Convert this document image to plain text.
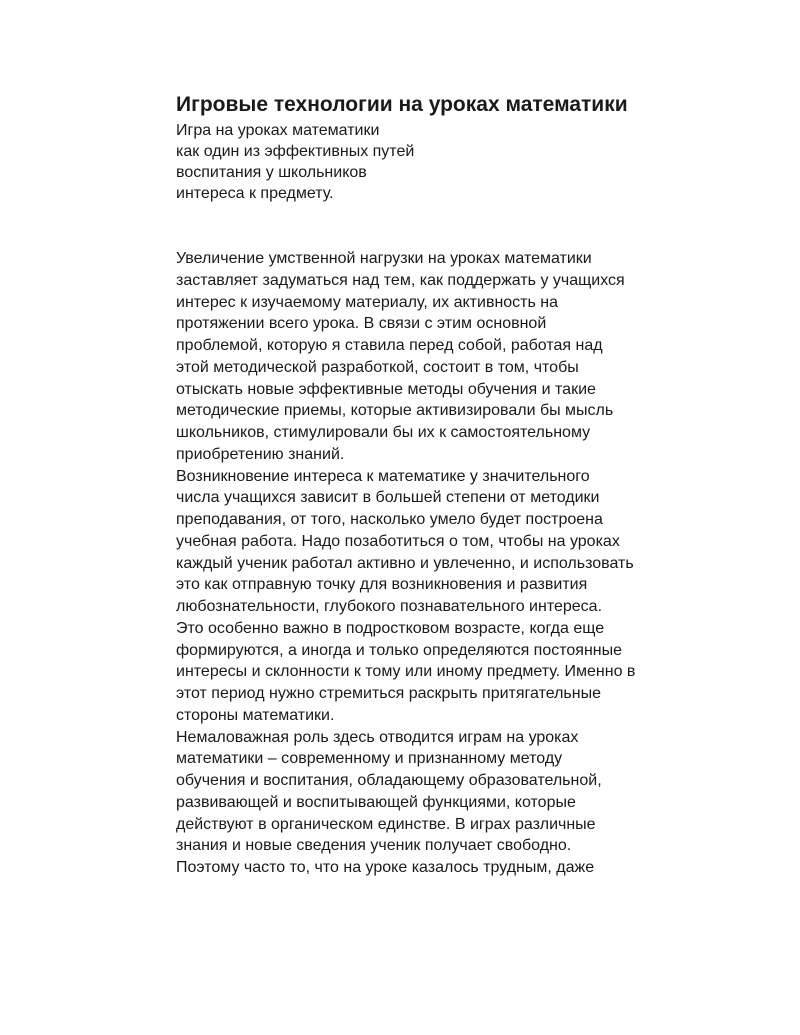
Игровые технологии на уроках математики
Игра на уроках математики
как один из эффективных путей
воспитания у школьников
интереса к предмету.
Увеличение умственной нагрузки на уроках математики
заставляет задуматься над тем, как поддержать у учащихся
интерес к изучаемому материалу, их активность на
протяжении всего урока. В связи с этим основной
проблемой, которую я ставила перед собой, работая над
этой методической разработкой, состоит в том, чтобы
отыскать новые эффективные методы обучения и такие
методические приемы, которые активизировали бы мысль
школьников, стимулировали бы их к самостоятельному
приобретению знаний.
Возникновение интереса к математике у значительного
числа учащихся зависит в большей степени от методики
преподавания, от того, насколько умело будет построена
учебная работа. Надо позаботиться о том, чтобы на уроках
каждый ученик работал активно и увлеченно, и использовать
это как отправную точку для возникновения и развития
любознательности, глубокого познавательного интереса.
Это особенно важно в подростковом возрасте, когда еще
формируются, а иногда и только определяются постоянные
интересы и склонности к тому или иному предмету. Именно в
этот период нужно стремиться раскрыть притягательные
стороны математики.
Немаловажная роль здесь отводится играм на уроках
математики – современному и признанному методу
обучения и воспитания, обладающему образовательной,
развивающей и воспитывающей функциями, которые
действуют в органическом единстве. В играх различные
знания и новые сведения ученик получает свободно.
Поэтому часто то, что на уроке казалось трудным, даже
